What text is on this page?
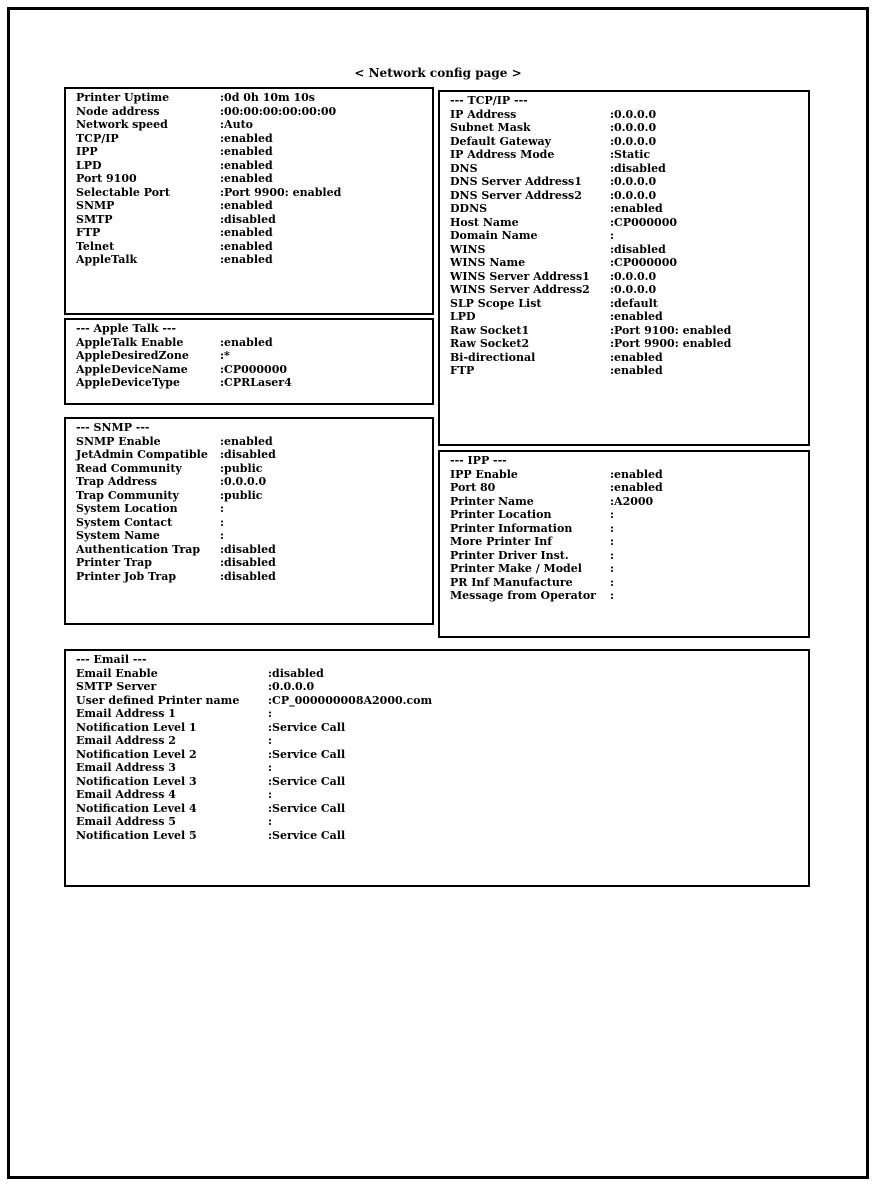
< Network config page >
Printer Uptime	:0d 0h 10m 10s
Node address	:00:00:00:00:00:00
Network speed	:Auto
TCP/IP	:enabled
IPP	:enabled
LPD	:enabled
Port 9100	:enabled
Selectable Port	:Port 9900: enabled
SNMP	:enabled
SMTP	:disabled
FTP	:enabled
Telnet	:enabled
AppleTalk	:enabled
--- Apple Talk ---
AppleTalk Enable	:enabled
AppleDesiredZone	:*
AppleDeviceName	:CP000000
AppleDeviceType	:CPRLaser4
--- SNMP ---
SNMP Enable	:enabled
JetAdmin Compatible	:disabled
Read Community	:public
Trap Address	:0.0.0.0
Trap Community	:public
System Location	:
System Contact	:
System Name	:
Authentication Trap	:disabled
Printer Trap	:disabled
Printer Job Trap	:disabled
--- TCP/IP ---
IP Address	:0.0.0.0
Subnet Mask	:0.0.0.0
Default Gateway	:0.0.0.0
IP Address Mode	:Static
DNS	:disabled
DNS Server Address1	:0.0.0.0
DNS Server Address2	:0.0.0.0
DDNS	:enabled
Host Name	:CP000000
Domain Name	:
WINS	:disabled
WINS Name	:CP000000
WINS Server Address1	:0.0.0.0
WINS Server Address2	:0.0.0.0
SLP Scope List	:default
LPD	:enabled
Raw Socket1	:Port 9100: enabled
Raw Socket2	:Port 9900: enabled
Bi-directional	:enabled
FTP	:enabled
--- IPP ---
IPP Enable	:enabled
Port 80	:enabled
Printer Name	:A2000
Printer Location	:
Printer Information	:
More Printer Inf	:
Printer Driver Inst.	:
Printer Make / Model	:
PR Inf Manufacture	:
Message from Operator	:
--- Email ---
Email Enable	:disabled
SMTP Server	:0.0.0.0
User defined Printer name	:CP_000000008A2000.com
Email Address 1	:
Notification Level 1	:Service Call
Email Address 2	:
Notification Level 2	:Service Call
Email Address 3	:
Notification Level 3	:Service Call
Email Address 4	:
Notification Level 4	:Service Call
Email Address 5	:
Notification Level 5	:Service Call
